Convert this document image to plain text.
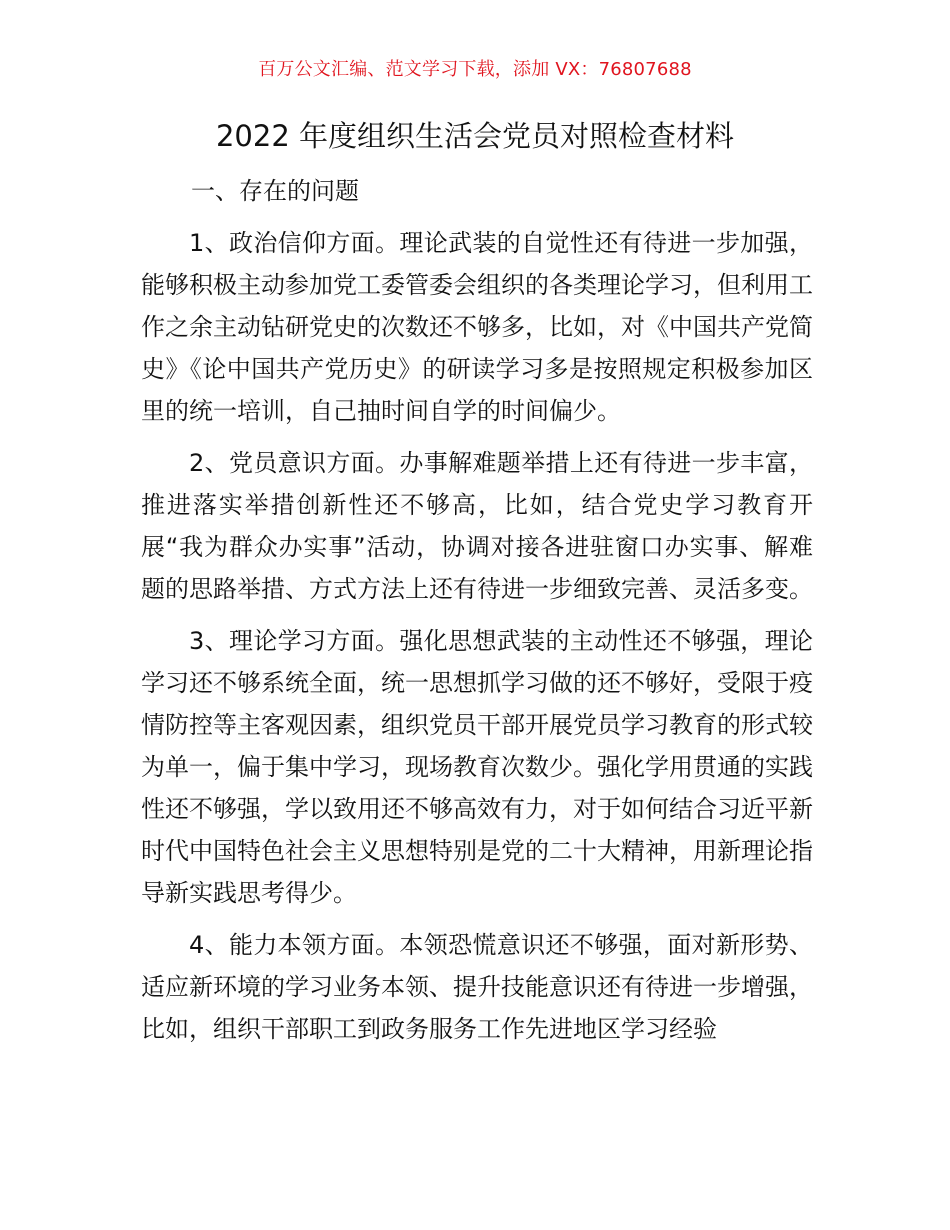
百万公文汇编、范文学习下载，添加 VX：76807688
2022 年度组织生活会党员对照检查材料

一、存在的问题

1、政治信仰方面。理论武装的自觉性还有待进一步加强，能够积极主动参加党工委管委会组织的各类理论学习，但利用工作之余主动钻研党史的次数还不够多，比如，对《中国共产党简史》《论中国共产党历史》的研读学习多是按照规定积极参加区里的统一培训，自己抽时间自学的时间偏少。

2、党员意识方面。办事解难题举措上还有待进一步丰富，推进落实举措创新性还不够高，比如，结合党史学习教育开展“我为群众办实事”活动，协调对接各进驻窗口办实事、解难题的思路举措、方式方法上还有待进一步细致完善、灵活多变。

3、理论学习方面。强化思想武装的主动性还不够强，理论学习还不够系统全面，统一思想抓学习做的还不够好，受限于疫情防控等主客观因素，组织党员干部开展党员学习教育的形式较为单一，偏于集中学习，现场教育次数少。强化学用贯通的实践性还不够强，学以致用还不够高效有力，对于如何结合习近平新时代中国特色社会主义思想特别是党的二十大精神，用新理论指导新实践思考得少。

4、能力本领方面。本领恐慌意识还不够强，面对新形势、适应新环境的学习业务本领、提升技能意识还有待进一步增强，比如，组织干部职工到政务服务工作先进地区学习经验
